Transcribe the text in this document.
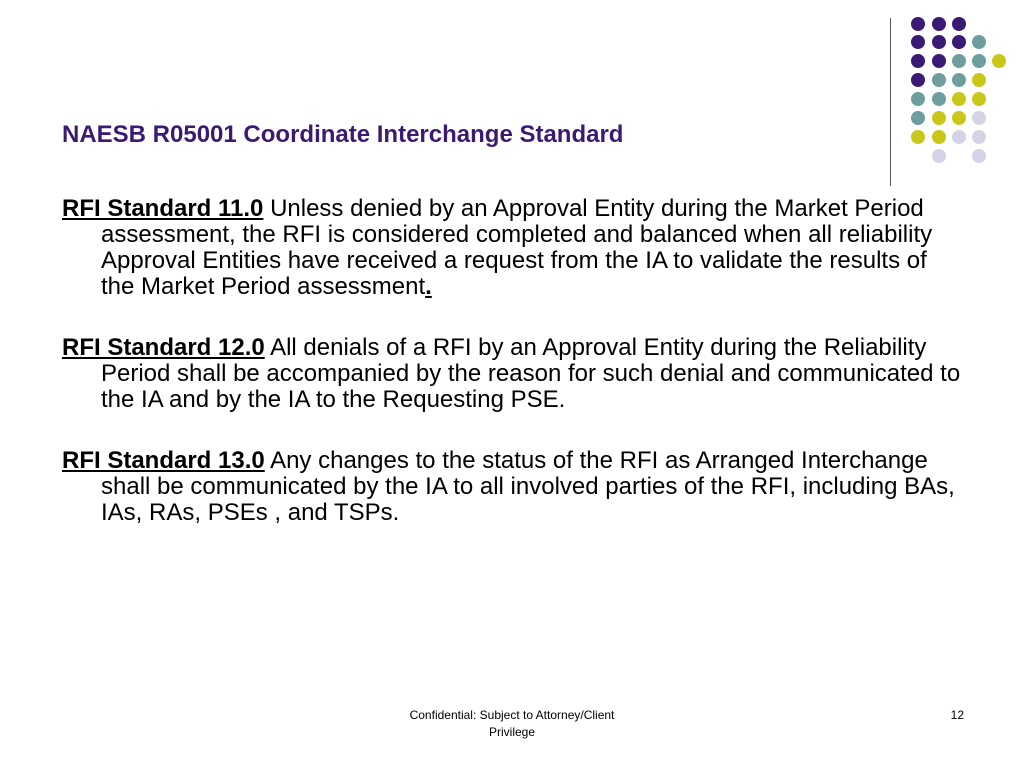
NAESB R05001 Coordinate Interchange Standard

RFI Standard 11.0 Unless denied by an Approval Entity during the Market Period assessment, the RFI is considered completed and balanced when all reliability Approval Entities have received a request from the IA to validate the results of the Market Period assessment.

RFI Standard 12.0 All denials of a RFI by an Approval Entity during the Reliability Period shall be accompanied by the reason for such denial and communicated to the IA and by the IA to the Requesting PSE.

RFI Standard 13.0 Any changes to the status of the RFI as Arranged Interchange shall be communicated by the IA to all involved parties of the RFI, including BAs, IAs, RAs, PSEs , and TSPs.

Confidential: Subject to Attorney/Client
Privilege
12
